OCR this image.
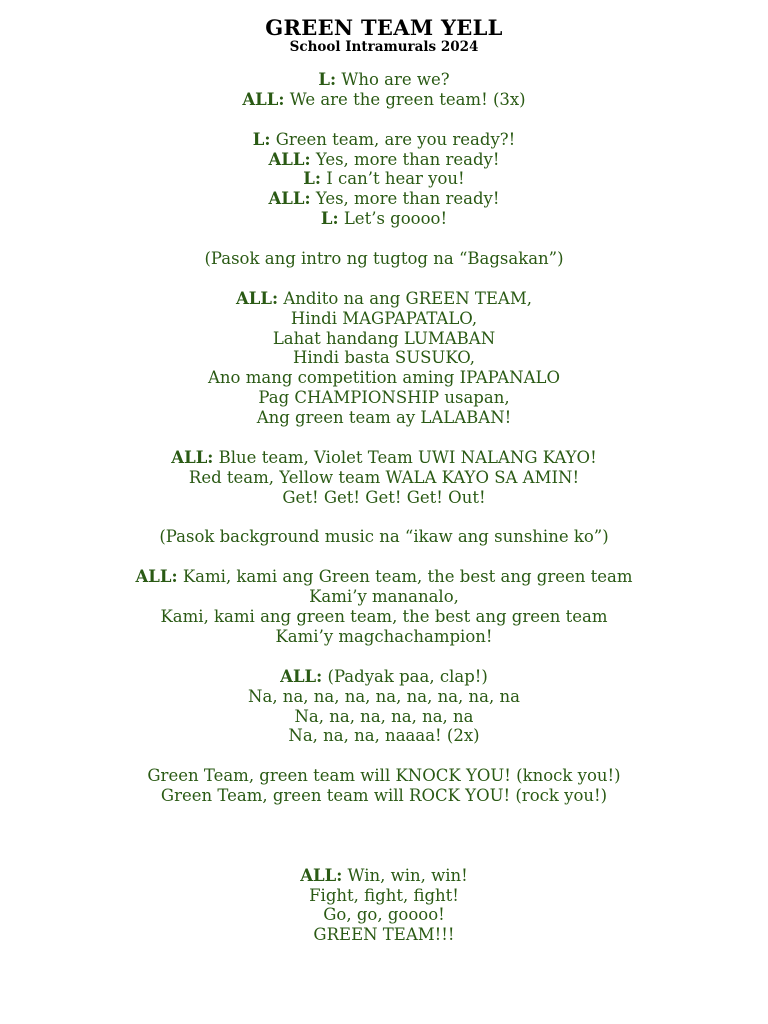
GREEN TEAM YELL
School Intramurals 2024
L: Who are we?
ALL: We are the green team! (3x)
L: Green team, are you ready?!
ALL: Yes, more than ready!
L: I can’t hear you!
ALL: Yes, more than ready!
L: Let’s goooo!
(Pasok ang intro ng tugtog na “Bagsakan”)
ALL: Andito na ang GREEN TEAM,
Hindi MAGPAPATALO,
Lahat handang LUMABAN
Hindi basta SUSUKO,
Ano mang competition aming IPAPANALO
Pag CHAMPIONSHIP usapan,
Ang green team ay LALABAN!
ALL: Blue team, Violet Team UWI NALANG KAYO!
Red team, Yellow team WALA KAYO SA AMIN!
Get! Get! Get! Get! Out!
(Pasok background music na “ikaw ang sunshine ko”)
ALL: Kami, kami ang Green team, the best ang green team
Kami’y mananalo,
Kami, kami ang green team, the best ang green team
Kami’y magchachampion!
ALL: (Padyak paa, clap!)
Na, na, na, na, na, na, na, na, na
Na, na, na, na, na, na
Na, na, na, naaaa! (2x)
Green Team, green team will KNOCK YOU! (knock you!)
Green Team, green team will ROCK YOU! (rock you!)
ALL: Win, win, win!
Fight, fight, fight!
Go, go, goooo!
GREEN TEAM!!!
